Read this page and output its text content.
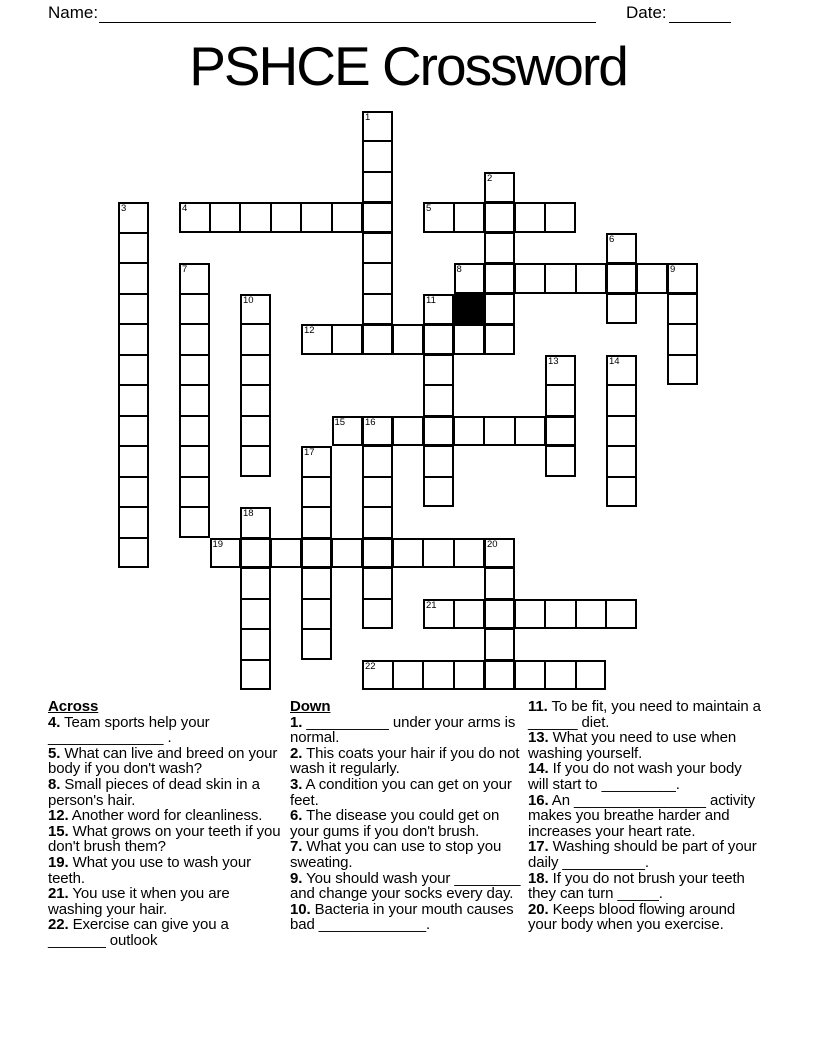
Name:	Date:
PSHCE Crossword
4	5
8
12
15
19
21
22
1
2
3
6
7	9
10	11
13	14
16
17
18
20
Across
4. Team sports help your ______________ .
5. What can live and breed on your body if you don't wash?
8. Small pieces of dead skin in a person's hair.
12. Another word for cleanliness.
15. What grows on your teeth if you don't brush them?
19. What you use to wash your teeth.
21. You use it when you are washing your hair.
22. Exercise can give you a _______ outlook
Down
1. __________ under your arms is normal.
2. This coats your hair if you do not wash it regularly.
3. A condition you can get on your feet.
6. The disease you could get on your gums if you don't brush.
7. What you can use to stop you sweating.
9. You should wash your ________ and change your socks every day.
10. Bacteria in your mouth causes bad _____________.
11. To be fit, you need to maintain a ______ diet.
13. What you need to use when washing yourself.
14. If you do not wash your body will start to _________.
16. An ________________ activity makes you breathe harder and increases your heart rate.
17. Washing should be part of your daily __________.
18. If you do not brush your teeth they can turn _____.
20. Keeps blood flowing around your body when you exercise.
